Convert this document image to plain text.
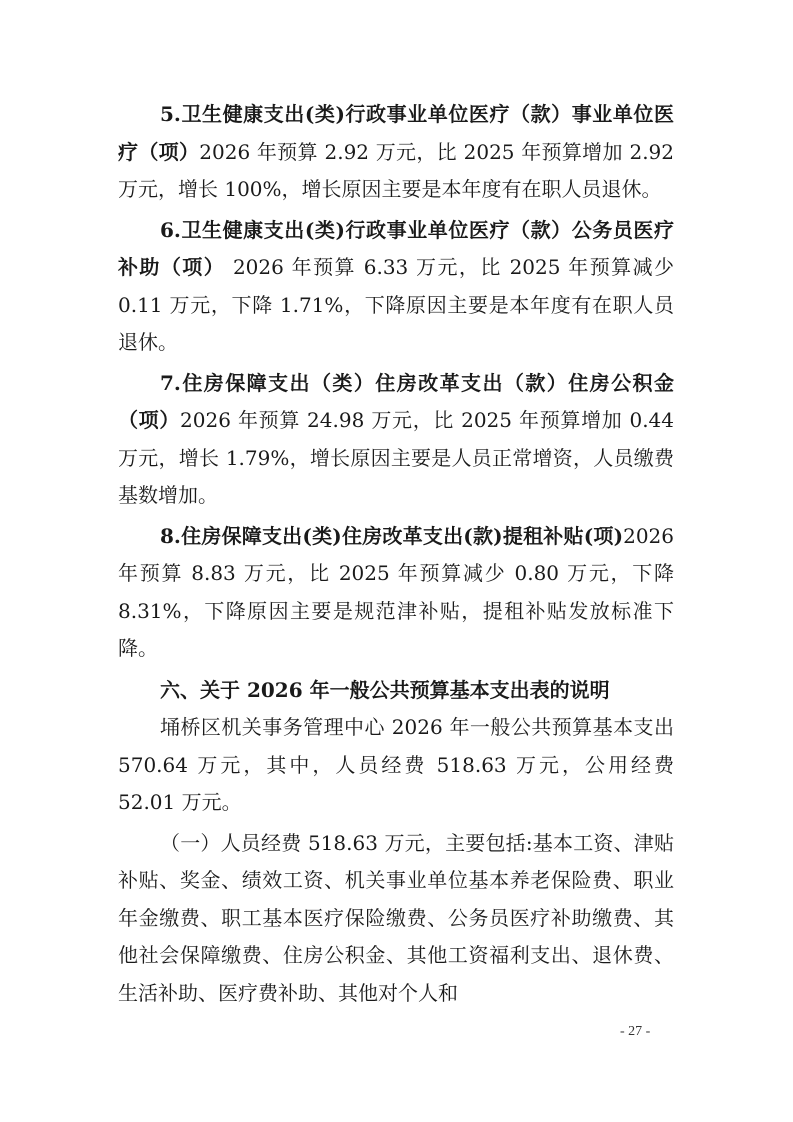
5.卫生健康支出(类)行政事业单位医疗（款）事业单位医疗（项）2026 年预算 2.92 万元，比 2025 年预算增加 2.92 万元，增长 100%，增长原因主要是本年度有在职人员退休。

6.卫生健康支出(类)行政事业单位医疗（款）公务员医疗补助（项） 2026 年预算 6.33 万元，比 2025 年预算减少 0.11 万元，下降 1.71%，下降原因主要是本年度有在职人员退休。

7.住房保障支出（类）住房改革支出（款）住房公积金（项）2026 年预算 24.98 万元，比 2025 年预算增加 0.44 万元，增长 1.79%，增长原因主要是人员正常增资，人员缴费基数增加。

8.住房保障支出(类)住房改革支出(款)提租补贴(项)2026 年预算 8.83 万元，比 2025 年预算减少 0.80 万元，下降 8.31%，下降原因主要是规范津补贴，提租补贴发放标准下降。

六、关于 2026 年一般公共预算基本支出表的说明

埇桥区机关事务管理中心 2026 年一般公共预算基本支出 570.64 万元，其中，人员经费 518.63 万元，公用经费 52.01 万元。

（一）人员经费 518.63 万元，主要包括:基本工资、津贴补贴、奖金、绩效工资、机关事业单位基本养老保险费、职业年金缴费、职工基本医疗保险缴费、公务员医疗补助缴费、其他社会保障缴费、住房公积金、其他工资福利支出、退休费、生活补助、医疗费补助、其他对个人和

- 27 -
